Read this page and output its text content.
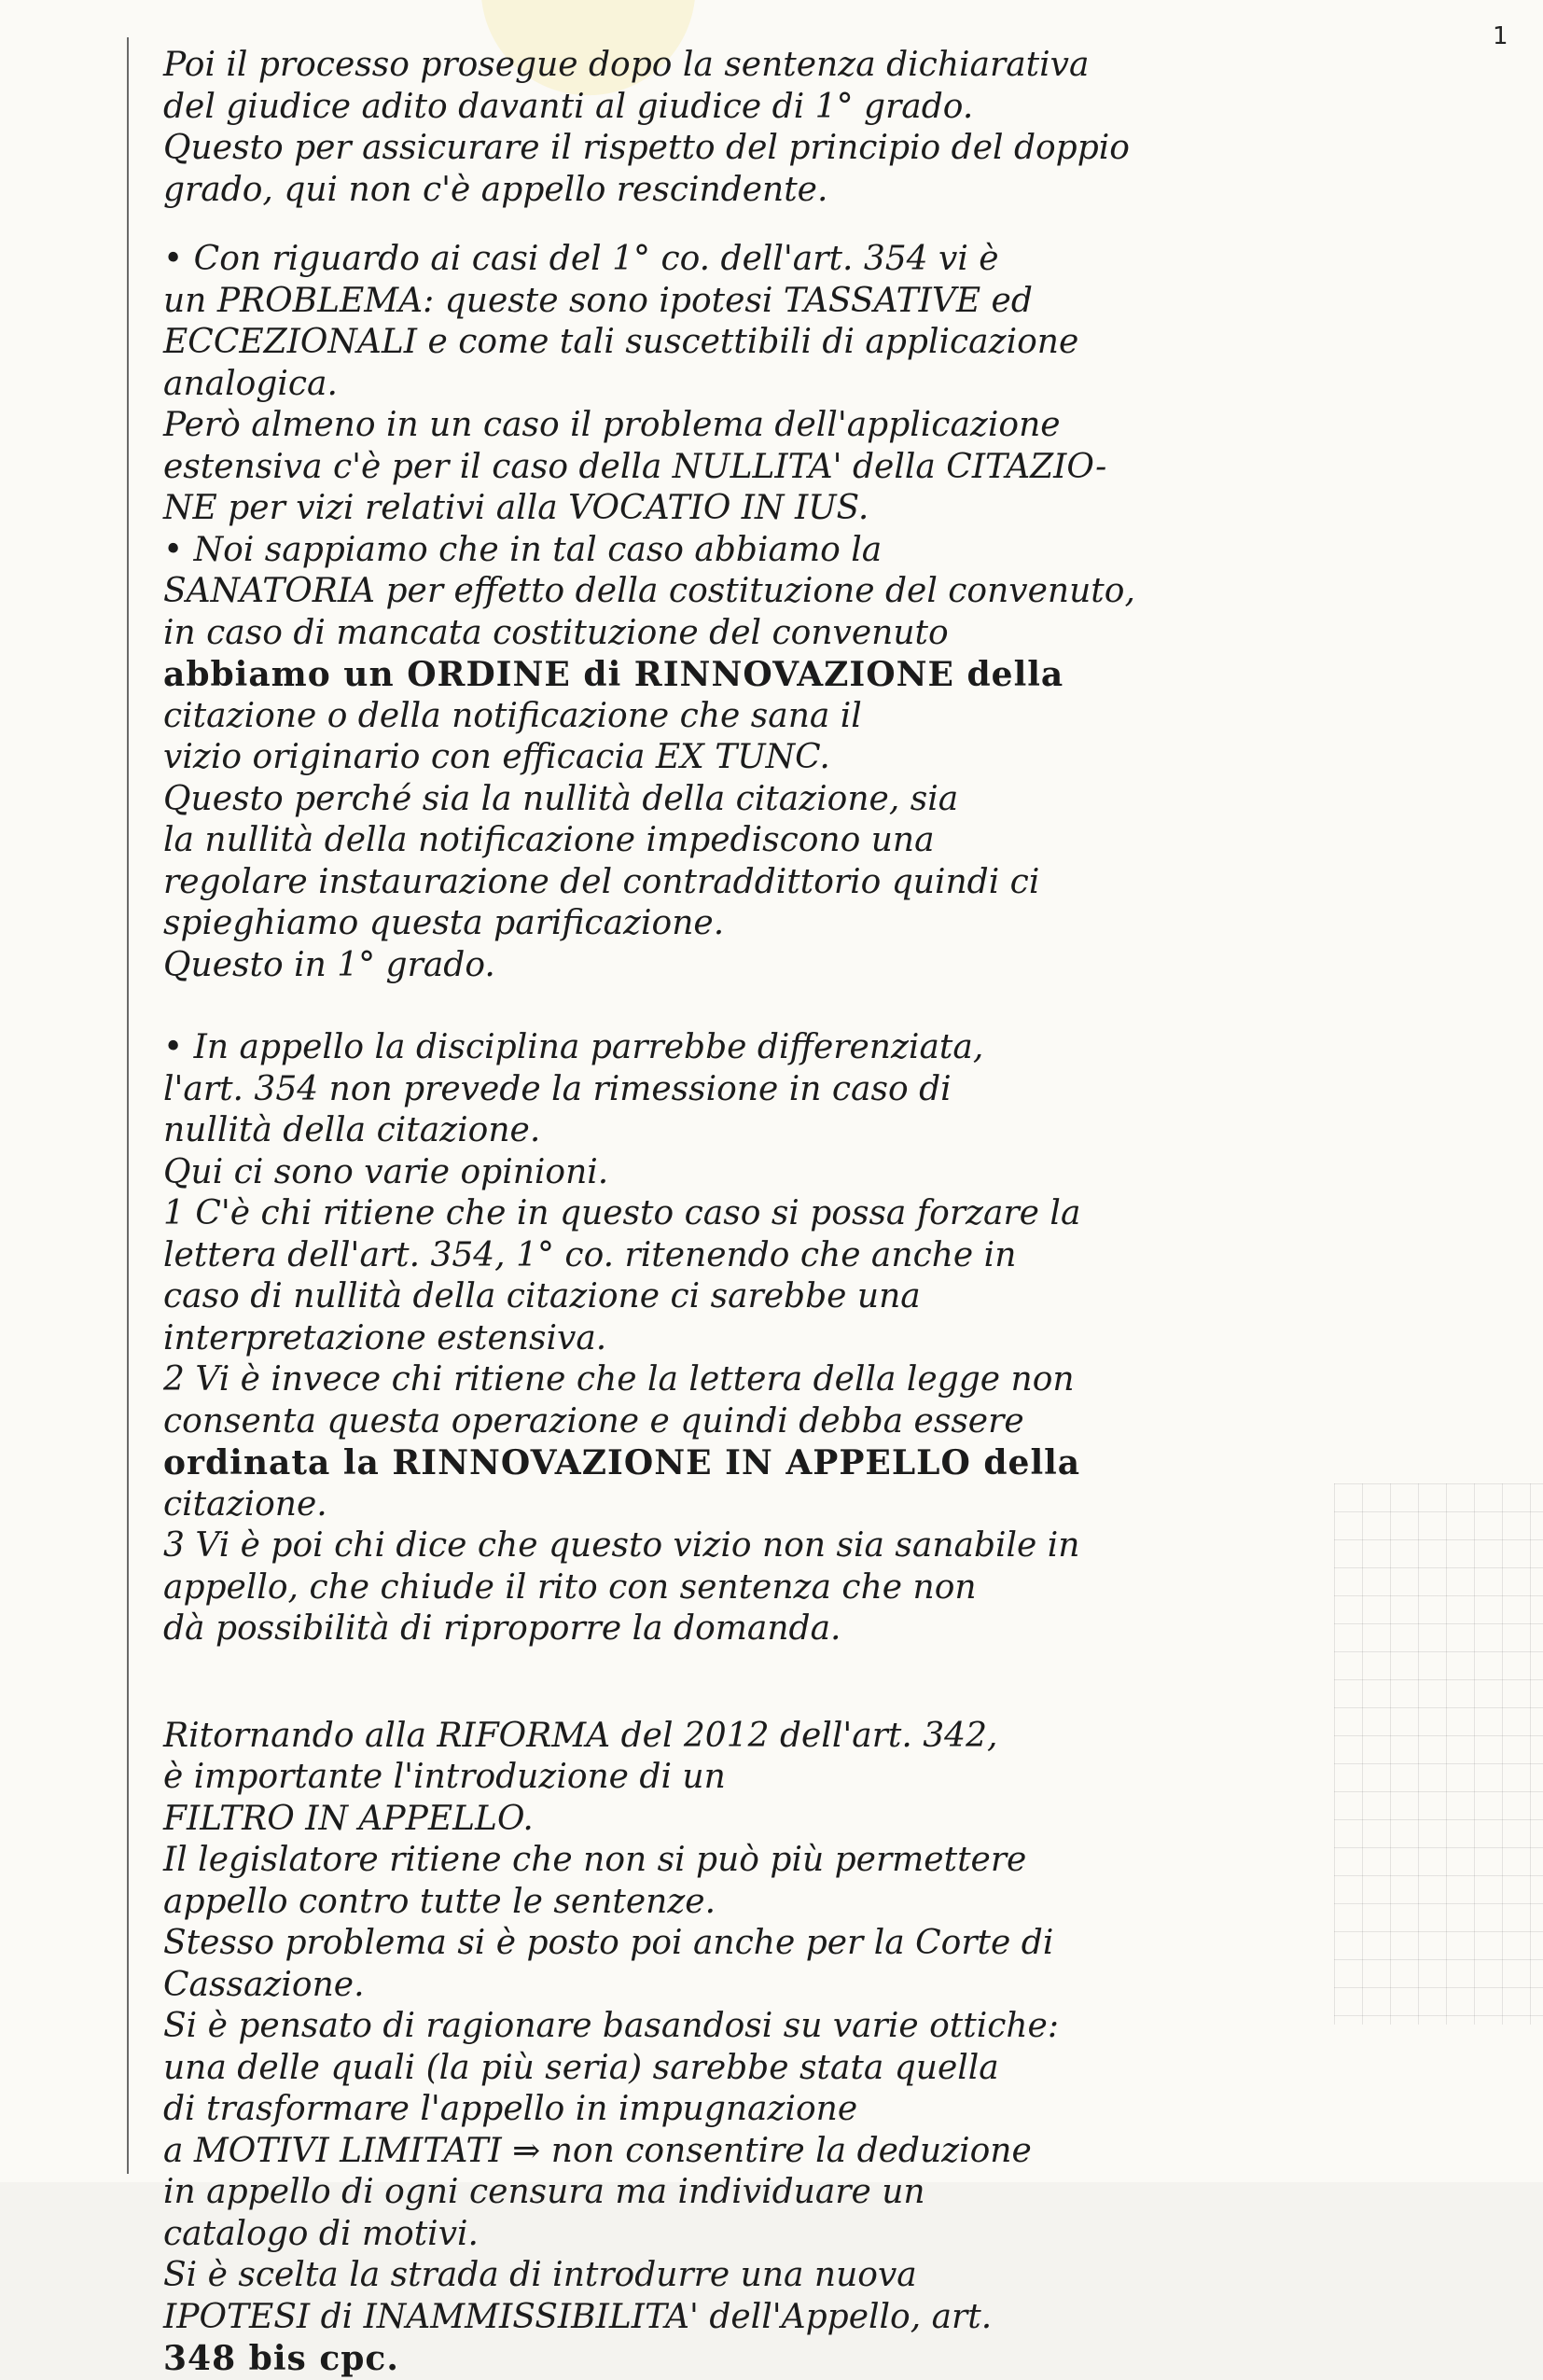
1
Poi il processo prosegue dopo la sentenza dichiarativa
del giudice adito davanti al giudice di 1° grado.
Questo per assicurare il rispetto del principio del doppio
grado, qui non c'è appello rescindente.
• Con riguardo ai casi del 1° co. dell'art. 354 vi è
un PROBLEMA: queste sono ipotesi TASSATIVE ed
ECCEZIONALI e come tali suscettibili di applicazione
analogica.
Però almeno in un caso il problema dell'applicazione
estensiva c'è per il caso della NULLITA' della CITAZIO-
NE per vizi relativi alla VOCATIO IN IUS.
• Noi sappiamo che in tal caso abbiamo la
SANATORIA per effetto della costituzione del convenuto,
in caso di mancata costituzione del convenuto
abbiamo un ORDINE di RINNOVAZIONE della
citazione o della notificazione che sana il
vizio originario con efficacia EX TUNC.
Questo perché sia la nullità della citazione, sia
la nullità della notificazione impediscono una
regolare instaurazione del contraddittorio quindi ci
spieghiamo questa parificazione.
Questo in 1° grado.
• In appello la disciplina parrebbe differenziata,
l'art. 354 non prevede la rimessione in caso di
nullità della citazione.
Qui ci sono varie opinioni.
1 C'è chi ritiene che in questo caso si possa forzare la
lettera dell'art. 354, 1° co. ritenendo che anche in
caso di nullità della citazione ci sarebbe una
interpretazione estensiva.
2 Vi è invece chi ritiene che la lettera della legge non
consenta questa operazione e quindi debba essere
ordinata la RINNOVAZIONE IN APPELLO della
citazione.
3 Vi è poi chi dice che questo vizio non sia sanabile in
appello, che chiude il rito con sentenza che non
dà possibilità di riproporre la domanda.
Ritornando alla RIFORMA del 2012 dell'art. 342,
è importante l'introduzione di un
FILTRO IN APPELLO.
Il legislatore ritiene che non si può più permettere
appello contro tutte le sentenze.
Stesso problema si è posto poi anche per la Corte di
Cassazione.
Si è pensato di ragionare basandosi su varie ottiche:
una delle quali (la più seria) sarebbe stata quella
di trasformare l'appello in impugnazione
a MOTIVI LIMITATI ⇒ non consentire la deduzione
in appello di ogni censura ma individuare un
catalogo di motivi.
Si è scelta la strada di introdurre una nuova
IPOTESI di INAMMISSIBILITA' dell'Appello, art.
348 bis cpc.
